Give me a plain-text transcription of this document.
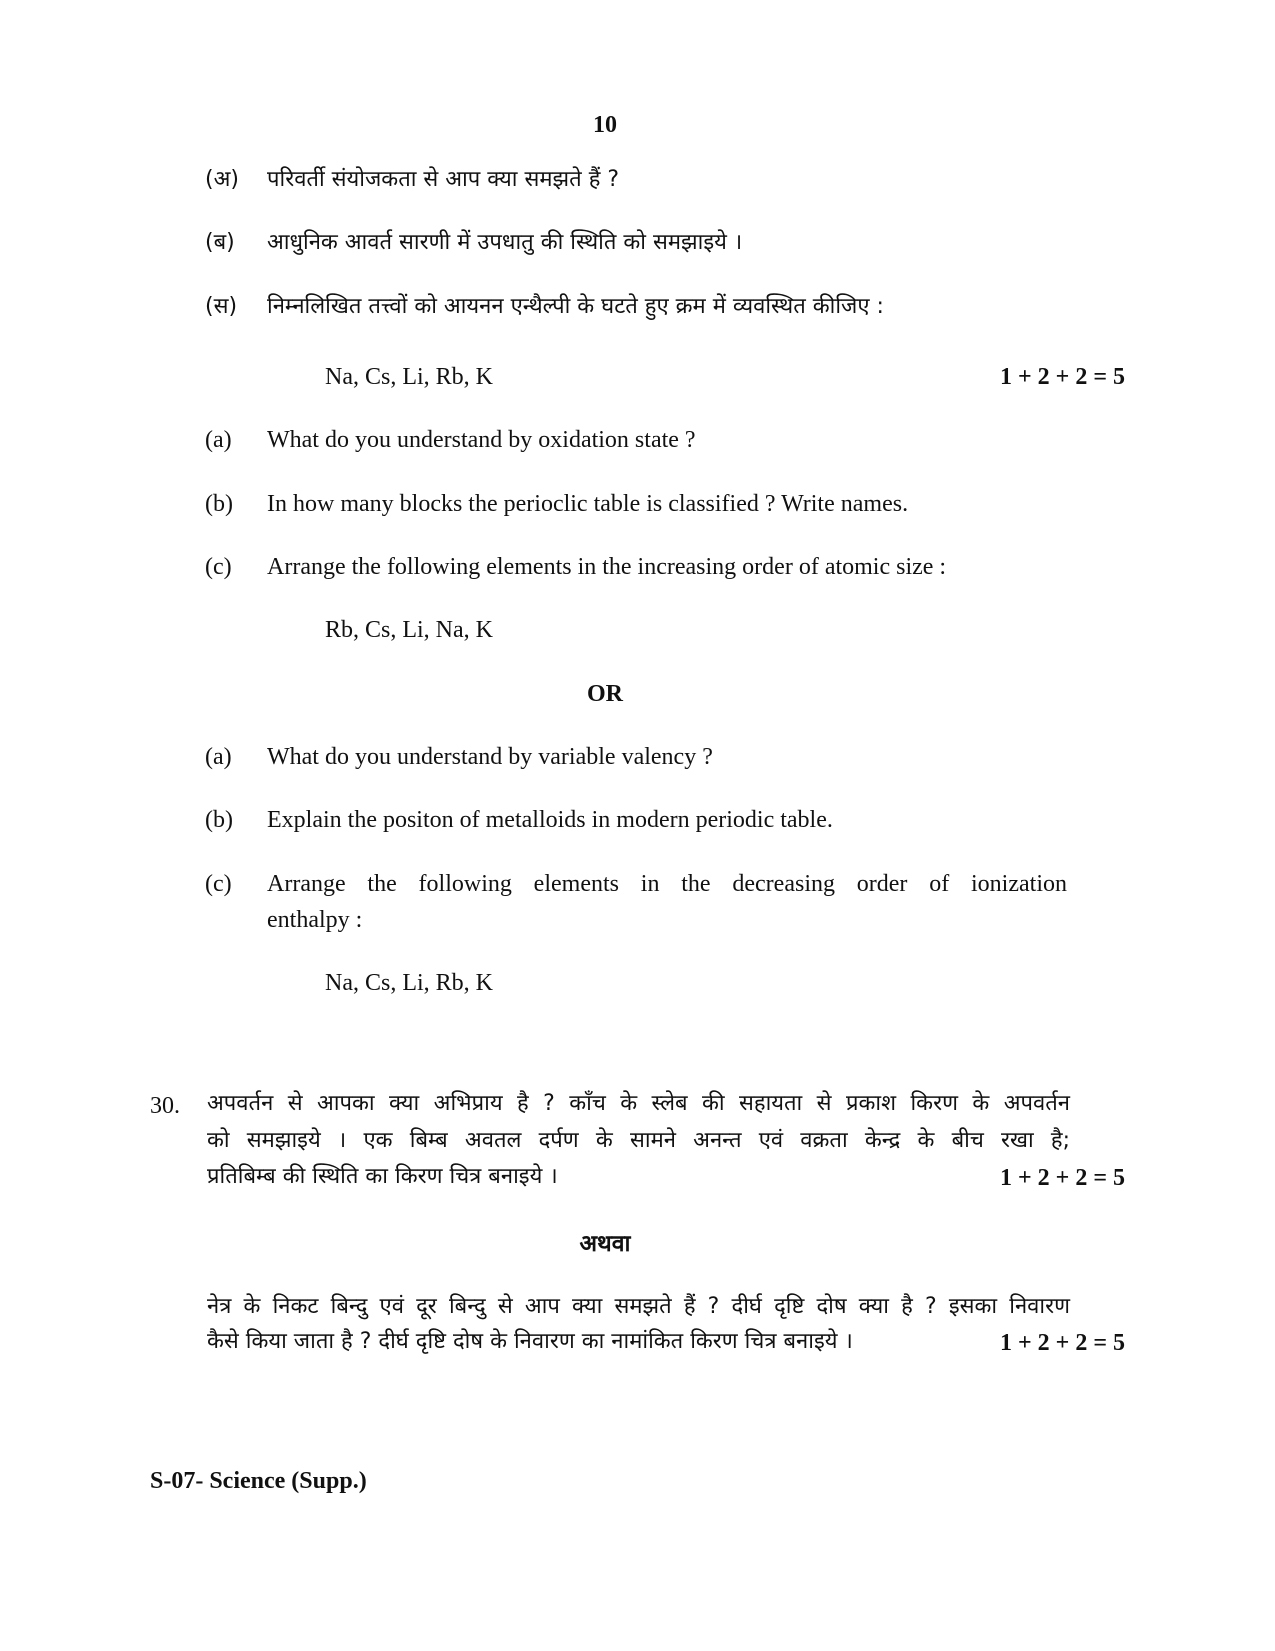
10
(अ)	परिवर्ती संयोजकता से आप क्या समझते हैं ?
(ब)	आधुनिक आवर्त सारणी में उपधातु की स्थिति को समझाइये ।
(स)	निम्नलिखित तत्त्वों को आयनन एन्थैल्पी के घटते हुए क्रम में व्यवस्थित कीजिए :
Na, Cs, Li, Rb, K	1 + 2 + 2 = 5
(a)	What do you understand by oxidation state ?
(b)	In how many blocks the perioclic table is classified ? Write names.
(c)	Arrange the following elements in the increasing order of atomic size :
Rb, Cs, Li, Na, K
OR
(a)	What do you understand by variable valency ?
(b)	Explain the positon of metalloids in modern periodic table.
(c)	Arrange the following elements in the decreasing order of ionization
enthalpy :
Na, Cs, Li, Rb, K
30. अपवर्तन से आपका क्या अभिप्राय है ? काँच के स्लेब की सहायता से प्रकाश किरण के अपवर्तन
को समझाइये । एक बिम्ब अवतल दर्पण के सामने अनन्त एवं वक्रता केन्द्र के बीच रखा है;
प्रतिबिम्ब की स्थिति का किरण चित्र बनाइये ।	1 + 2 + 2 = 5
अथवा
नेत्र के निकट बिन्दु एवं दूर बिन्दु से आप क्या समझते हैं ? दीर्घ दृष्टि दोष क्या है ? इसका निवारण
कैसे किया जाता है ? दीर्घ दृष्टि दोष के निवारण का नामांकित किरण चित्र बनाइये ।	1 + 2 + 2 = 5
S-07- Science (Supp.)
